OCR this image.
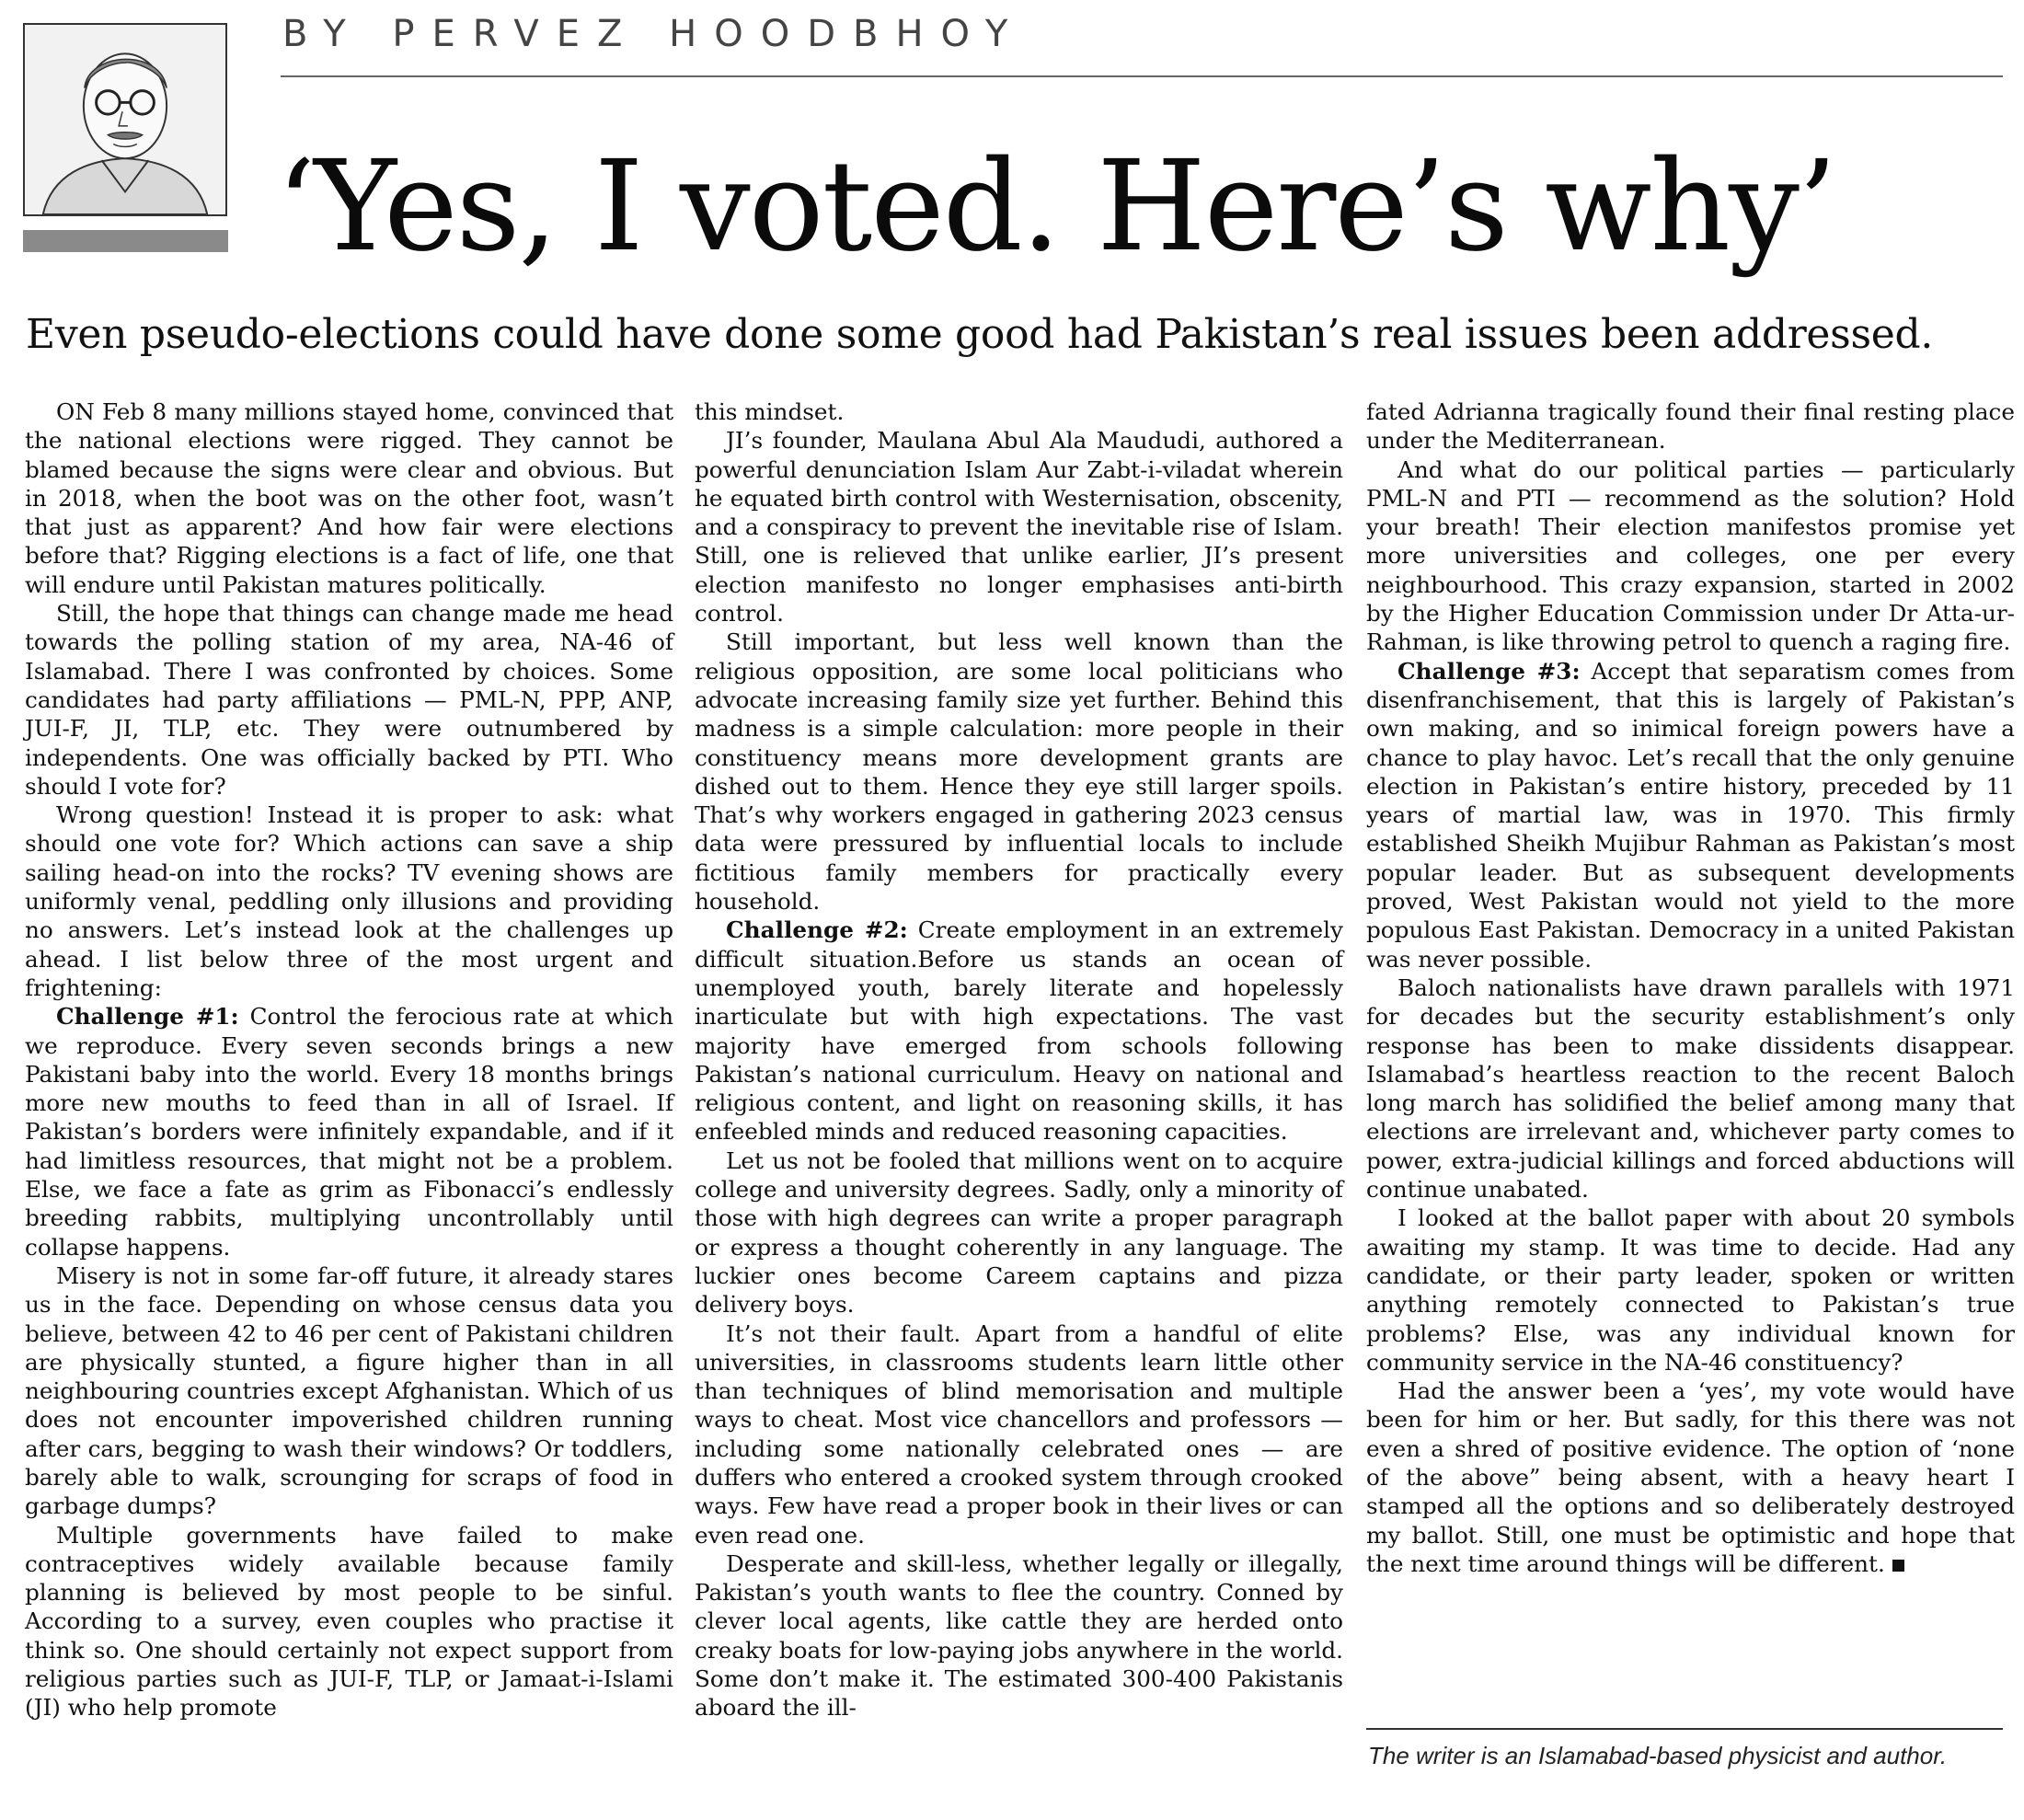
BY PERVEZ HOODBHOY
‘Yes, I voted. Here’s why’
Even pseudo-elections could have done some good had Pakistan’s real issues been addressed.

ON Feb 8 many millions stayed home, convinced that the national elections were rigged. They cannot be blamed because the signs were clear and obvious. But in 2018, when the boot was on the other foot, wasn’t that just as apparent? And how fair were elections before that? Rigging elections is a fact of life, one that will endure until Pakistan matures politically.

Still, the hope that things can change made me head towards the polling station of my area, NA-46 of Islamabad. There I was confronted by choices. Some candidates had party affiliations — PML-N, PPP, ANP, JUI-F, JI, TLP, etc. They were outnumbered by independents. One was officially backed by PTI. Who should I vote for?

Wrong question! Instead it is proper to ask: what should one vote for? Which actions can save a ship sailing head-on into the rocks? TV evening shows are uniformly venal, peddling only illusions and providing no answers. Let’s instead look at the challenges up ahead. I list below three of the most urgent and frightening:

Challenge #1: Control the ferocious rate at which we reproduce. Every seven seconds brings a new Pakistani baby into the world. Every 18 months brings more new mouths to feed than in all of Israel. If Pakistan’s borders were infinitely expandable, and if it had limitless resources, that might not be a problem. Else, we face a fate as grim as Fibonacci’s endlessly breeding rabbits, multiplying uncontrollably until collapse happens.

Misery is not in some far-off future, it already stares us in the face. Depending on whose census data you believe, between 42 to 46 per cent of Pakistani children are physically stunted, a figure higher than in all neighbouring countries except Afghanistan. Which of us does not encounter impoverished children running after cars, begging to wash their windows? Or toddlers, barely able to walk, scrounging for scraps of food in garbage dumps?

Multiple governments have failed to make contraceptives widely available because family planning is believed by most people to be sinful. According to a survey, even couples who practise it think so. One should certainly not expect support from religious parties such as JUI-F, TLP, or Jamaat-i-Islami (JI) who help promote

this mindset.

JI’s founder, Maulana Abul Ala Maududi, authored a powerful denunciation Islam Aur Zabt-i-viladat wherein he equated birth control with Westernisation, obscenity, and a conspiracy to prevent the inevitable rise of Islam. Still, one is relieved that unlike earlier, JI’s present election manifesto no longer emphasises anti-birth control.

Still important, but less well known than the religious opposition, are some local politicians who advocate increasing family size yet further. Behind this madness is a simple calculation: more people in their constituency means more development grants are dished out to them. Hence they eye still larger spoils. That’s why workers engaged in gathering 2023 census data were pressured by influential locals to include fictitious family members for practically every household.

Challenge #2: Create employment in an extremely difficult situation.Before us stands an ocean of unemployed youth, barely literate and hopelessly inarticulate but with high expectations. The vast majority have emerged from schools following Pakistan’s national curriculum. Heavy on national and religious content, and light on reasoning skills, it has enfeebled minds and reduced reasoning capacities.

Let us not be fooled that millions went on to acquire college and university degrees. Sadly, only a minority of those with high degrees can write a proper paragraph or express a thought coherently in any language. The luckier ones become Careem captains and pizza delivery boys.

It’s not their fault. Apart from a handful of elite universities, in classrooms students learn little other than techniques of blind memorisation and multiple ways to cheat. Most vice chancellors and professors — including some nationally celebrated ones — are duffers who entered a crooked system through crooked ways. Few have read a proper book in their lives or can even read one.

Desperate and skill-less, whether legally or illegally, Pakistan’s youth wants to flee the country. Conned by clever local agents, like cattle they are herded onto creaky boats for low-paying jobs anywhere in the world. Some don’t make it. The estimated 300-400 Pakistanis aboard the ill-

fated Adrianna tragically found their final resting place under the Mediterranean.

And what do our political parties — particularly PML-N and PTI — recommend as the solution? Hold your breath! Their election manifestos promise yet more universities and colleges, one per every neighbourhood. This crazy expansion, started in 2002 by the Higher Education Commission under Dr Atta-ur-Rahman, is like throwing petrol to quench a raging fire.

Challenge #3: Accept that separatism comes from disenfranchisement, that this is largely of Pakistan’s own making, and so inimical foreign powers have a chance to play havoc. Let’s recall that the only genuine election in Pakistan’s entire history, preceded by 11 years of martial law, was in 1970. This firmly established Sheikh Mujibur Rahman as Pakistan’s most popular leader. But as subsequent developments proved, West Pakistan would not yield to the more populous East Pakistan. Democracy in a united Pakistan was never possible.

Baloch nationalists have drawn parallels with 1971 for decades but the security establishment’s only response has been to make dissidents disappear. Islamabad’s heartless reaction to the recent Baloch long march has solidified the belief among many that elections are irrelevant and, whichever party comes to power, extra-judicial killings and forced abductions will continue unabated.

I looked at the ballot paper with about 20 symbols awaiting my stamp. It was time to decide. Had any candidate, or their party leader, spoken or written anything remotely connected to Pakistan’s true problems? Else, was any individual known for community service in the NA-46 constituency?

Had the answer been a ‘yes’, my vote would have been for him or her. But sadly, for this there was not even a shred of positive evidence. The option of ‘none of the above” being absent, with a heavy heart I stamped all the options and so deliberately destroyed my ballot. Still, one must be optimistic and hope that the next time around things will be different.

The writer is an Islamabad-based physicist and author.
